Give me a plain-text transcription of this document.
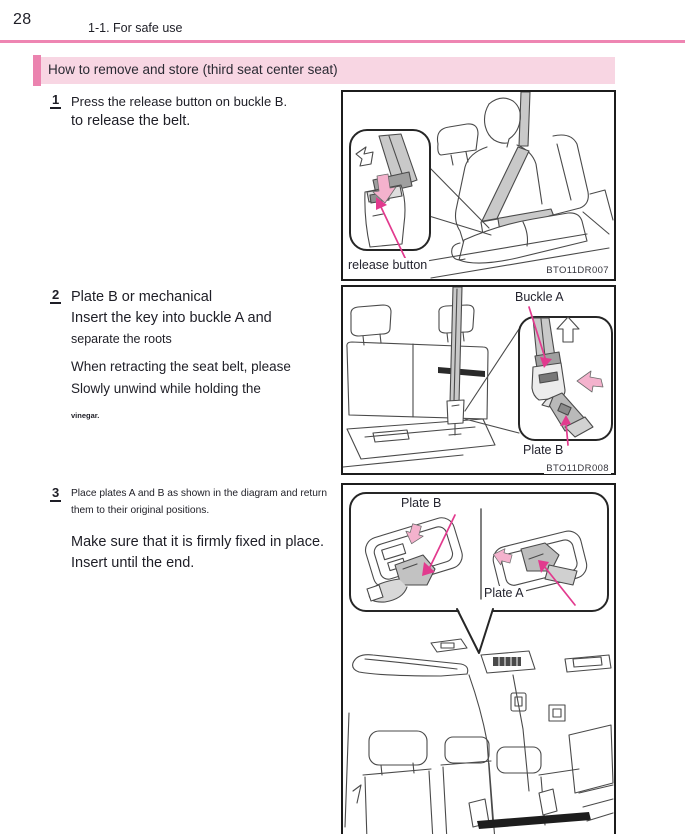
28	1-1. For safe use
How to remove and store (third seat center seat)
1 Press the release button on buckle B.
to release the belt.
release button	BTO11DR007
2 Plate B or mechanical
Insert the key into buckle A and
separate the roots
When retracting the seat belt, please
Slowly unwind while holding the
vinegar.
Buckle A
Plate B
BTO11DR008
3 Place plates A and B as shown in the diagram and return them to their original positions.
Make sure that it is firmly fixed in place.
Insert until the end.
Plate B
Plate A
